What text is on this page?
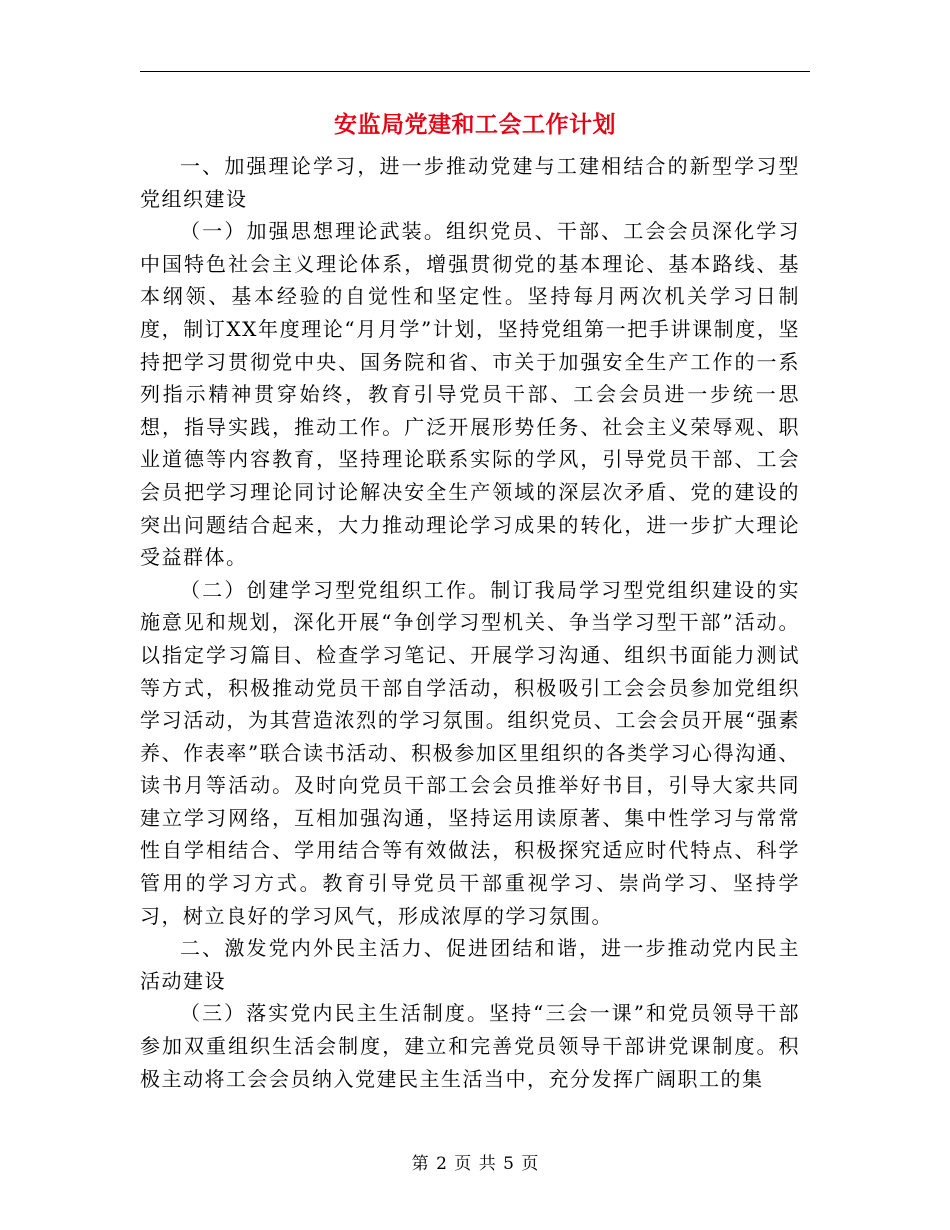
安监局党建和工会工作计划

一、加强理论学习，进一步推动党建与工建相结合的新型学习型党组织建设

（一）加强思想理论武装。组织党员、干部、工会会员深化学习中国特色社会主义理论体系，增强贯彻党的基本理论、基本路线、基本纲领、基本经验的自觉性和坚定性。坚持每月两次机关学习日制度，制订XX年度理论“月月学”计划，坚持党组第一把手讲课制度，坚持把学习贯彻党中央、国务院和省、市关于加强安全生产工作的一系列指示精神贯穿始终，教育引导党员干部、工会会员进一步统一思想，指导实践，推动工作。广泛开展形势任务、社会主义荣辱观、职业道德等内容教育，坚持理论联系实际的学风，引导党员干部、工会会员把学习理论同讨论解决安全生产领域的深层次矛盾、党的建设的突出问题结合起来，大力推动理论学习成果的转化，进一步扩大理论受益群体。

（二）创建学习型党组织工作。制订我局学习型党组织建设的实施意见和规划，深化开展“争创学习型机关、争当学习型干部”活动。以指定学习篇目、检查学习笔记、开展学习沟通、组织书面能力测试等方式，积极推动党员干部自学活动，积极吸引工会会员参加党组织学习活动，为其营造浓烈的学习氛围。组织党员、工会会员开展“强素养、作表率”联合读书活动、积极参加区里组织的各类学习心得沟通、读书月等活动。及时向党员干部工会会员推举好书目，引导大家共同建立学习网络，互相加强沟通，坚持运用读原著、集中性学习与常常性自学相结合、学用结合等有效做法，积极探究适应时代特点、科学管用的学习方式。教育引导党员干部重视学习、崇尚学习、坚持学习，树立良好的学习风气，形成浓厚的学习氛围。

二、激发党内外民主活力、促进团结和谐，进一步推动党内民主活动建设

（三）落实党内民主生活制度。坚持“三会一课”和党员领导干部参加双重组织生活会制度，建立和完善党员领导干部讲党课制度。积极主动将工会会员纳入党建民主生活当中，充分发挥广阔职工的集

第 2 页 共 5 页
